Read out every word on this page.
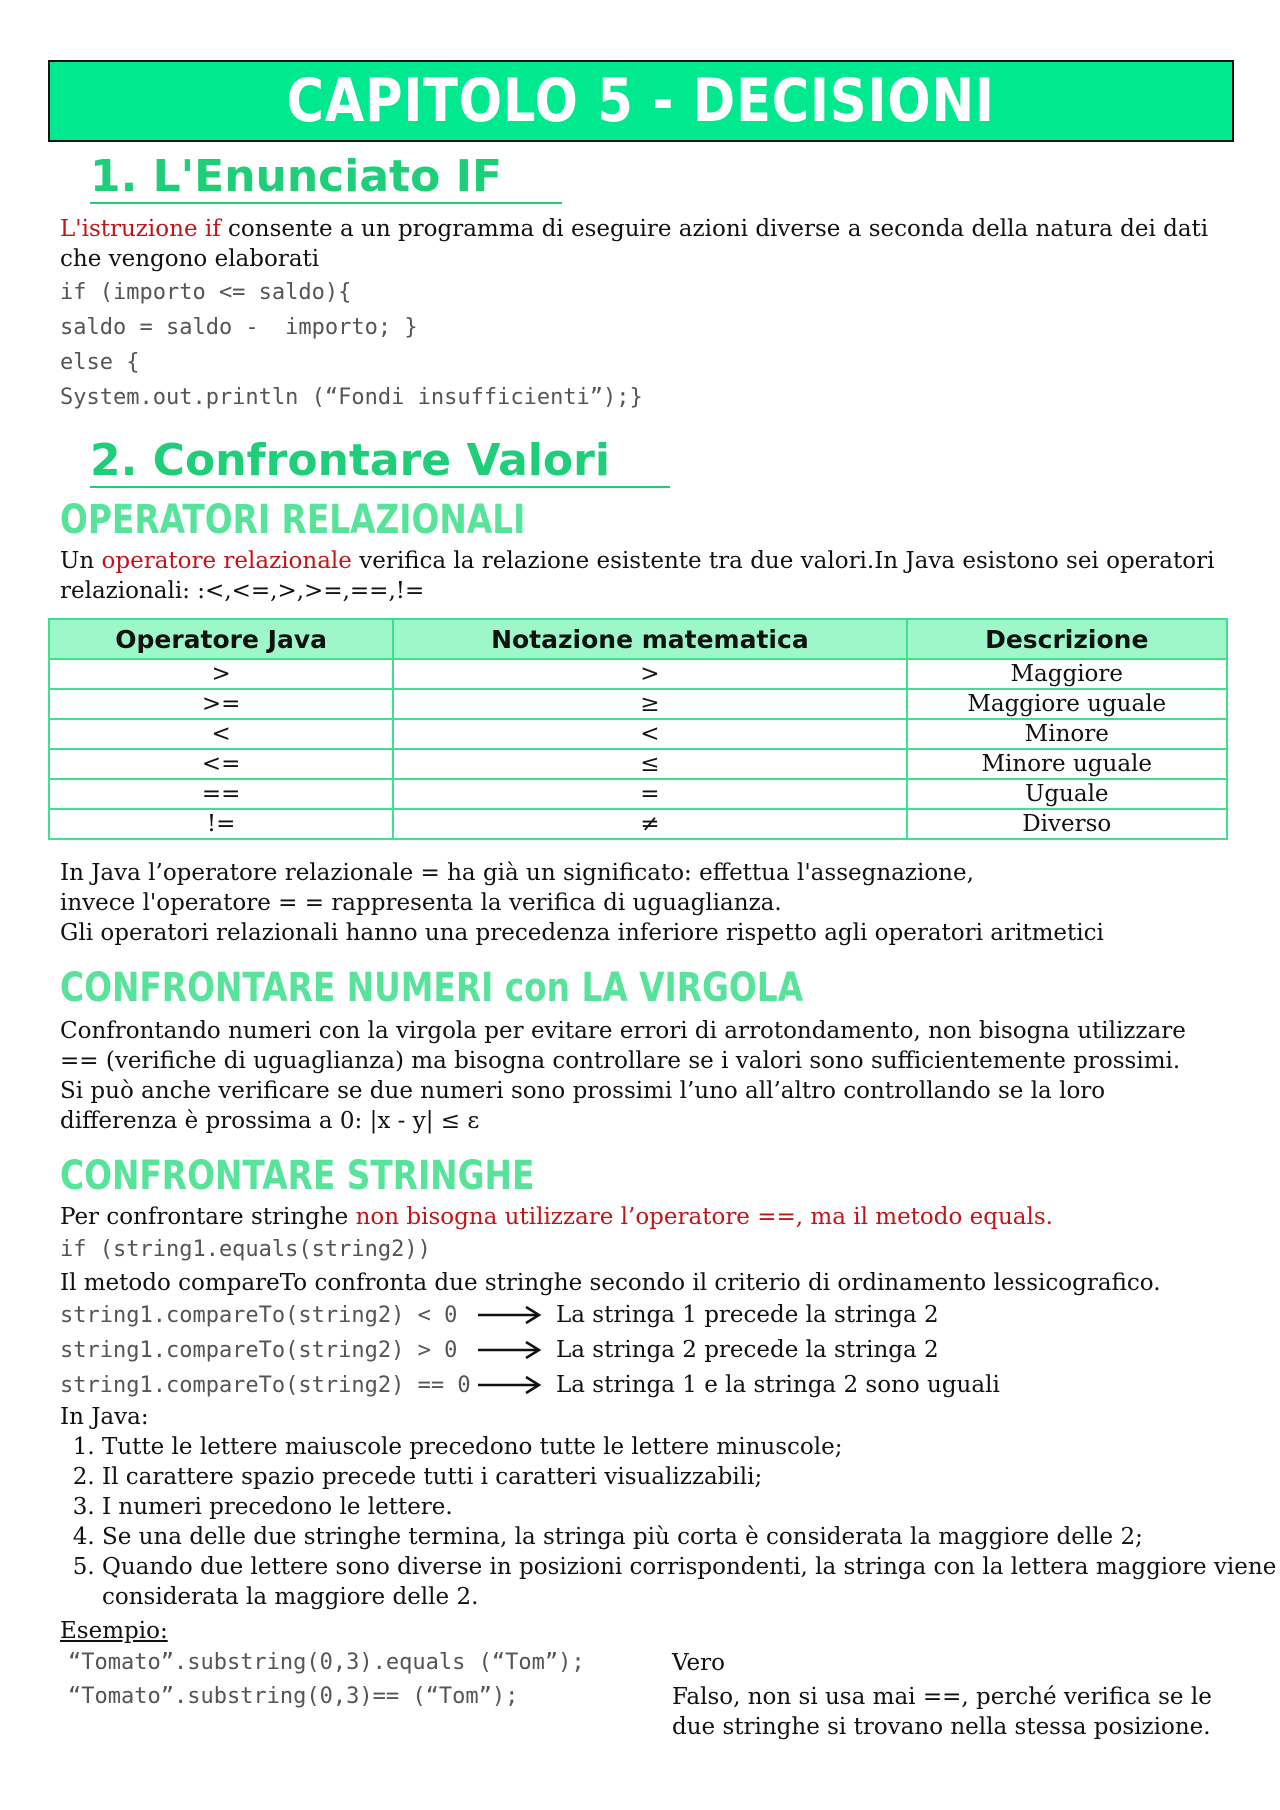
CAPITOLO 5 - DECISIONI
1. L'Enunciato IF
L'istruzione if consente a un programma di eseguire azioni diverse a seconda della natura dei dati che vengono elaborati
if (importo <= saldo){
saldo = saldo -  importo; }
else {
System.out.println (“Fondi insufficienti”);}
2. Confrontare Valori
OPERATORI RELAZIONALI
Un operatore relazionale verifica la relazione esistente tra due valori.In Java esistono sei operatori relazionali: :<,<=,>,>=,==,!=
Operatore Java	Notazione matematica	Descrizione
>	>	Maggiore
>=	≥	Maggiore uguale
<	<	Minore
<=	≤	Minore uguale
==	=	Uguale
!=	≠	Diverso
In Java l’operatore relazionale = ha già un significato: effettua l'assegnazione,
invece l'operatore = = rappresenta la verifica di uguaglianza.
Gli operatori relazionali hanno una precedenza inferiore rispetto agli operatori aritmetici
CONFRONTARE NUMERI con LA VIRGOLA
Confrontando numeri con la virgola per evitare errori di arrotondamento, non bisogna utilizzare
== (verifiche di uguaglianza) ma bisogna controllare se i valori sono sufficientemente prossimi.
Si può anche verificare se due numeri sono prossimi l’uno all’altro controllando se la loro
differenza è prossima a 0: |x - y| ≤ ε
CONFRONTARE STRINGHE
Per confrontare stringhe non bisogna utilizzare l’operatore ==, ma il metodo equals.
if (string1.equals(string2))
Il metodo compareTo confronta due stringhe secondo il criterio di ordinamento lessicografico.
string1.compareTo(string2) < 0	La stringa 1 precede la stringa 2
string1.compareTo(string2) > 0	La stringa 2 precede la stringa 2
string1.compareTo(string2) == 0	La stringa 1 e la stringa 2 sono uguali
In Java:
1. Tutte le lettere maiuscole precedono tutte le lettere minuscole;
2. Il carattere spazio precede tutti i caratteri visualizzabili;
3. I numeri precedono le lettere.
4. Se una delle due stringhe termina, la stringa più corta è considerata la maggiore delle 2;
5. Quando due lettere sono diverse in posizioni corrispondenti, la stringa con la lettera maggiore viene considerata la maggiore delle 2.
Esempio:
“Tomato”.substring(0,3).equals (“Tom”);	Vero
“Tomato”.substring(0,3)== (“Tom”);	Falso, non si usa mai ==, perché verifica se le due stringhe si trovano nella stessa posizione.
